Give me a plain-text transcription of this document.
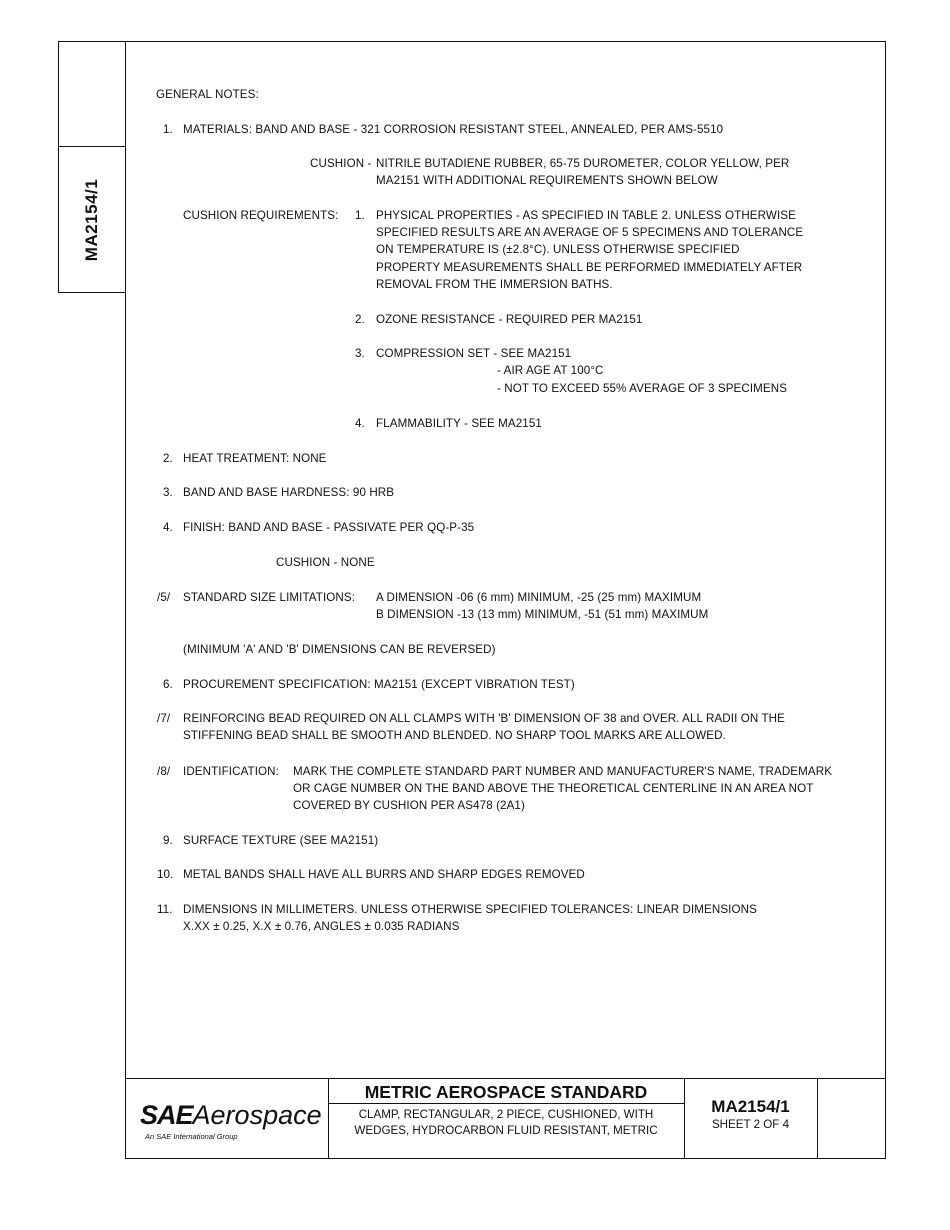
MA2154/1
GENERAL NOTES:
1. MATERIALS: BAND AND BASE - 321 CORROSION RESISTANT STEEL, ANNEALED, PER AMS-5510
CUSHION - NITRILE BUTADIENE RUBBER, 65-75 DUROMETER, COLOR YELLOW, PER
MA2151 WITH ADDITIONAL REQUIREMENTS SHOWN BELOW
CUSHION REQUIREMENTS: 1. PHYSICAL PROPERTIES - AS SPECIFIED IN TABLE 2. UNLESS OTHERWISE
SPECIFIED RESULTS ARE AN AVERAGE OF 5 SPECIMENS AND TOLERANCE
ON TEMPERATURE IS (±2.8°C). UNLESS OTHERWISE SPECIFIED
PROPERTY MEASUREMENTS SHALL BE PERFORMED IMMEDIATELY AFTER
REMOVAL FROM THE IMMERSION BATHS.
2. OZONE RESISTANCE - REQUIRED PER MA2151
3. COMPRESSION SET - SEE MA2151
- AIR AGE AT 100°C
- NOT TO EXCEED 55% AVERAGE OF 3 SPECIMENS
4. FLAMMABILITY - SEE MA2151
2. HEAT TREATMENT: NONE
3. BAND AND BASE HARDNESS: 90 HRB
4. FINISH: BAND AND BASE - PASSIVATE PER QQ-P-35
CUSHION - NONE
/5/ STANDARD SIZE LIMITATIONS: A DIMENSION -06 (6 mm) MINIMUM, -25 (25 mm) MAXIMUM
B DIMENSION -13 (13 mm) MINIMUM, -51 (51 mm) MAXIMUM
(MINIMUM 'A' AND 'B' DIMENSIONS CAN BE REVERSED)
6. PROCUREMENT SPECIFICATION: MA2151 (EXCEPT VIBRATION TEST)
/7/ REINFORCING BEAD REQUIRED ON ALL CLAMPS WITH 'B' DIMENSION OF 38 and OVER. ALL RADII ON THE
STIFFENING BEAD SHALL BE SMOOTH AND BLENDED. NO SHARP TOOL MARKS ARE ALLOWED.
/8/ IDENTIFICATION: MARK THE COMPLETE STANDARD PART NUMBER AND MANUFACTURER'S NAME, TRADEMARK
OR CAGE NUMBER ON THE BAND ABOVE THE THEORETICAL CENTERLINE IN AN AREA NOT
COVERED BY CUSHION PER AS478 (2A1)
9. SURFACE TEXTURE (SEE MA2151)
10. METAL BANDS SHALL HAVE ALL BURRS AND SHARP EDGES REMOVED
11. DIMENSIONS IN MILLIMETERS. UNLESS OTHERWISE SPECIFIED TOLERANCES: LINEAR DIMENSIONS
X.XX ± 0.25, X.X ± 0.76, ANGLES ± 0.035 RADIANS
SAEAerospace
An SAE International Group
METRIC AEROSPACE STANDARD
CLAMP, RECTANGULAR, 2 PIECE, CUSHIONED, WITH
WEDGES, HYDROCARBON FLUID RESISTANT, METRIC
MA2154/1
SHEET 2 OF 4
